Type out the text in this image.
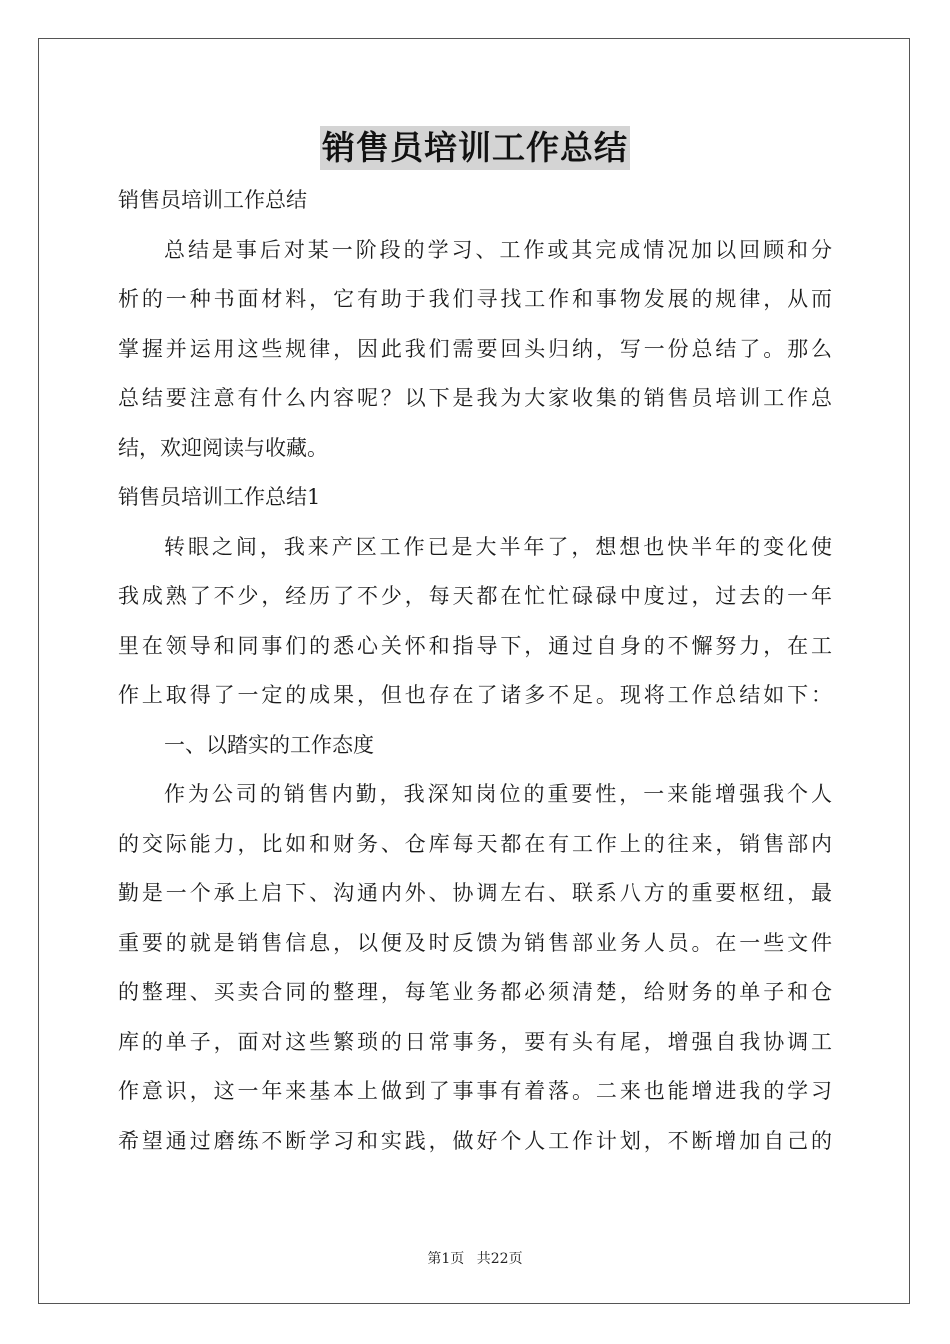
销售员培训工作总结
销售员培训工作总结
总结是事后对某一阶段的学习、工作或其完成情况加以回顾和分
析的一种书面材料，它有助于我们寻找工作和事物发展的规律，从而
掌握并运用这些规律，因此我们需要回头归纳，写一份总结了。那么
总结要注意有什么内容呢？以下是我为大家收集的销售员培训工作总
结，欢迎阅读与收藏。
销售员培训工作总结1
转眼之间，我来产区工作已是大半年了，想想也快半年的变化使
我成熟了不少，经历了不少，每天都在忙忙碌碌中度过，过去的一年
里在领导和同事们的悉心关怀和指导下，通过自身的不懈努力，在工
作上取得了一定的成果，但也存在了诸多不足。现将工作总结如下：
一、以踏实的工作态度
作为公司的销售内勤，我深知岗位的重要性，一来能增强我个人
的交际能力，比如和财务、仓库每天都在有工作上的往来，销售部内
勤是一个承上启下、沟通内外、协调左右、联系八方的重要枢纽，最
重要的就是销售信息，以便及时反馈为销售部业务人员。在一些文件
的整理、买卖合同的整理，每笔业务都必须清楚，给财务的单子和仓
库的单子，面对这些繁琐的日常事务，要有头有尾，增强自我协调工
作意识，这一年来基本上做到了事事有着落。二来也能增进我的学习
希望通过磨练不断学习和实践，做好个人工作计划，不断增加自己的
第1页 共22页
